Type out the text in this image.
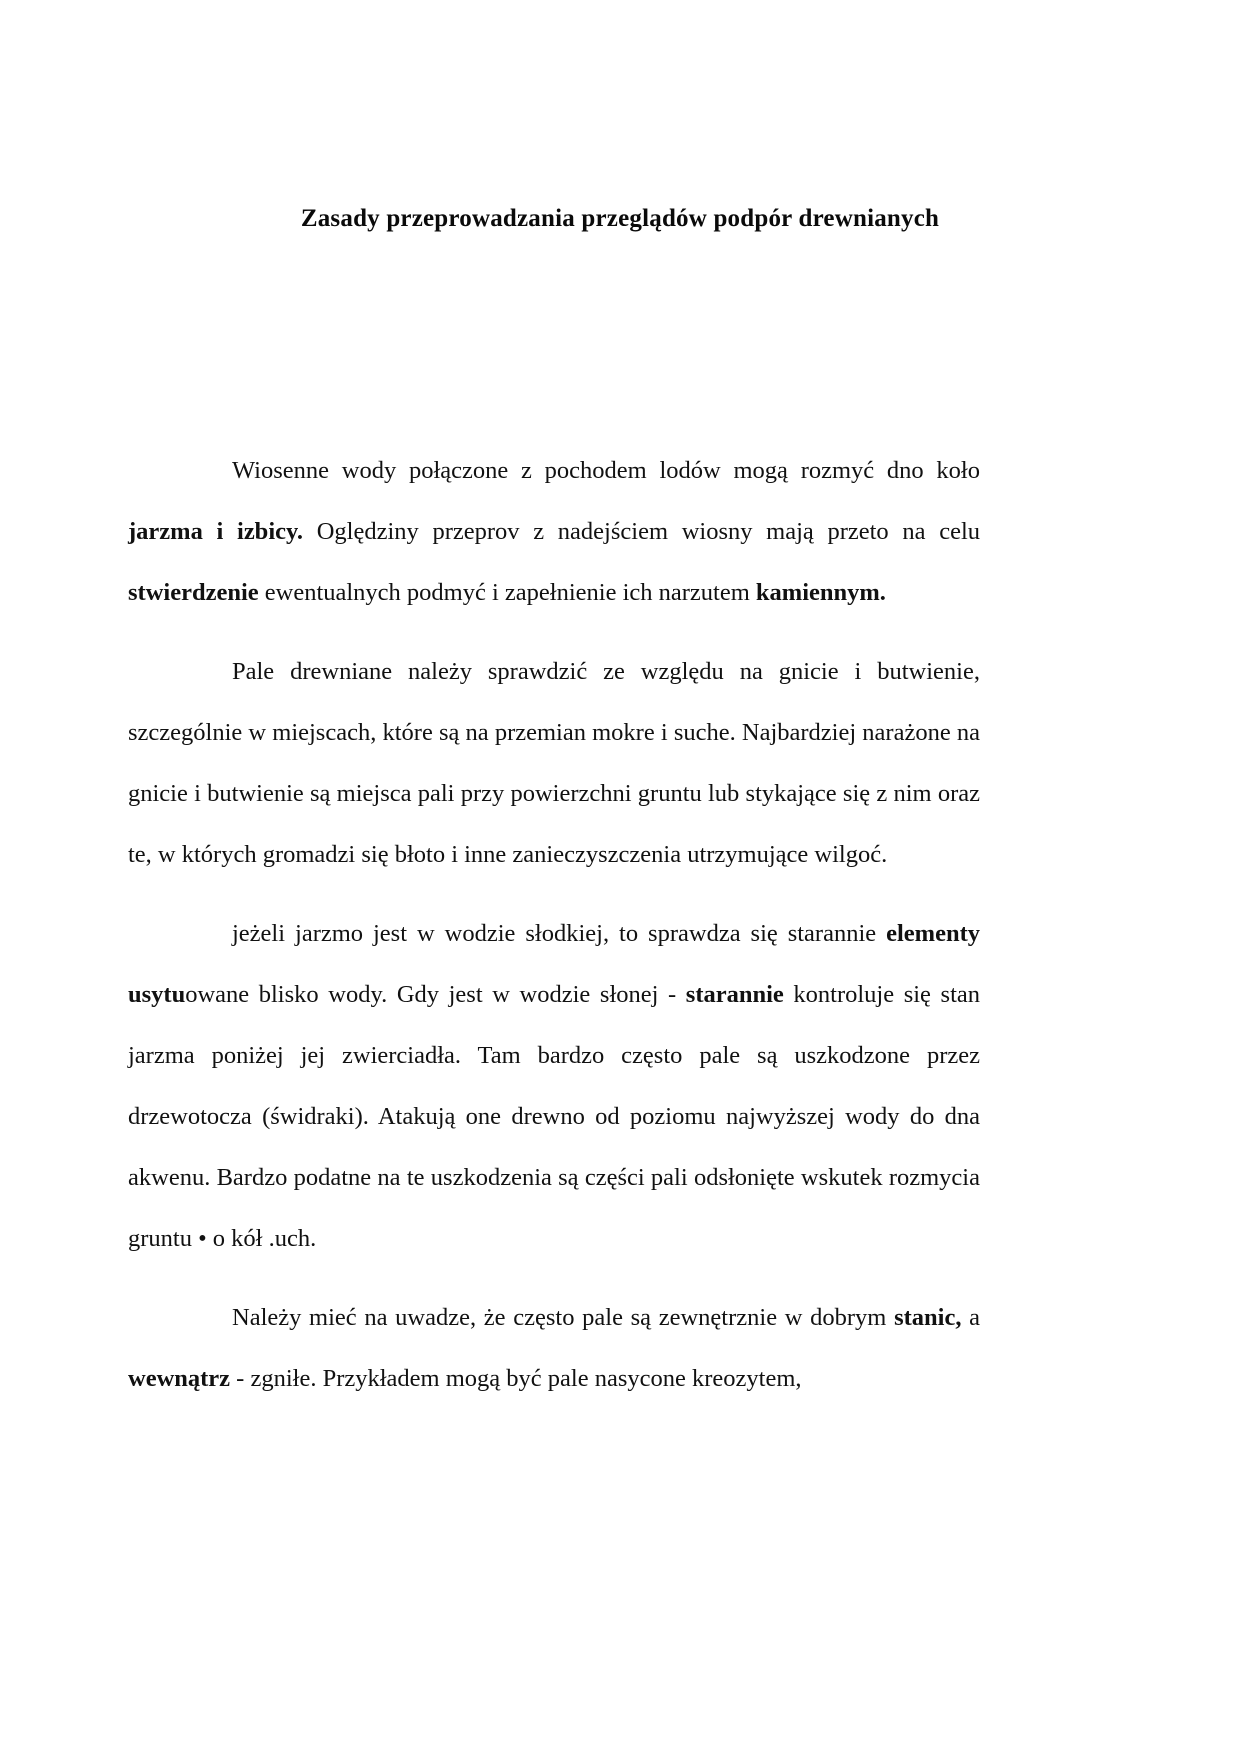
Zasady przeprowadzania przeglądów podpór drewnianych

Wiosenne wody połączone z pochodem lodów mogą rozmyć dno koło jarzma i izbicy. Oględziny przeprov z nadejściem wiosny mają przeto na celu stwierdzenie ewentualnych podmyć i zapełnienie ich narzutem kamiennym.

Pale drewniane należy sprawdzić ze względu na gnicie i butwienie, szczególnie w miejscach, które są na przemian mokre i suche. Najbardziej narażone na gnicie i butwienie są miejsca pali przy powierzchni gruntu lub stykające się z nim oraz te, w których gromadzi się błoto i inne zanieczyszczenia utrzymujące wilgoć.

jeżeli jarzmo jest w wodzie słodkiej, to sprawdza się starannie elementy usytuowane blisko wody. Gdy jest w wodzie słonej - starannie kontroluje się stan jarzma poniżej jej zwierciadła. Tam bardzo często pale są uszkodzone przez drzewotocza (świdraki). Atakują one drewno od poziomu najwyższej wody do dna akwenu. Bardzo podatne na te uszkodzenia są części pali odsłonięte wskutek rozmycia gruntu • o kół .uch.

Należy mieć na uwadze, że często pale są zewnętrznie w dobrym stanic, a wewnątrz - zgniłe. Przykładem mogą być pale nasycone kreozytem,
